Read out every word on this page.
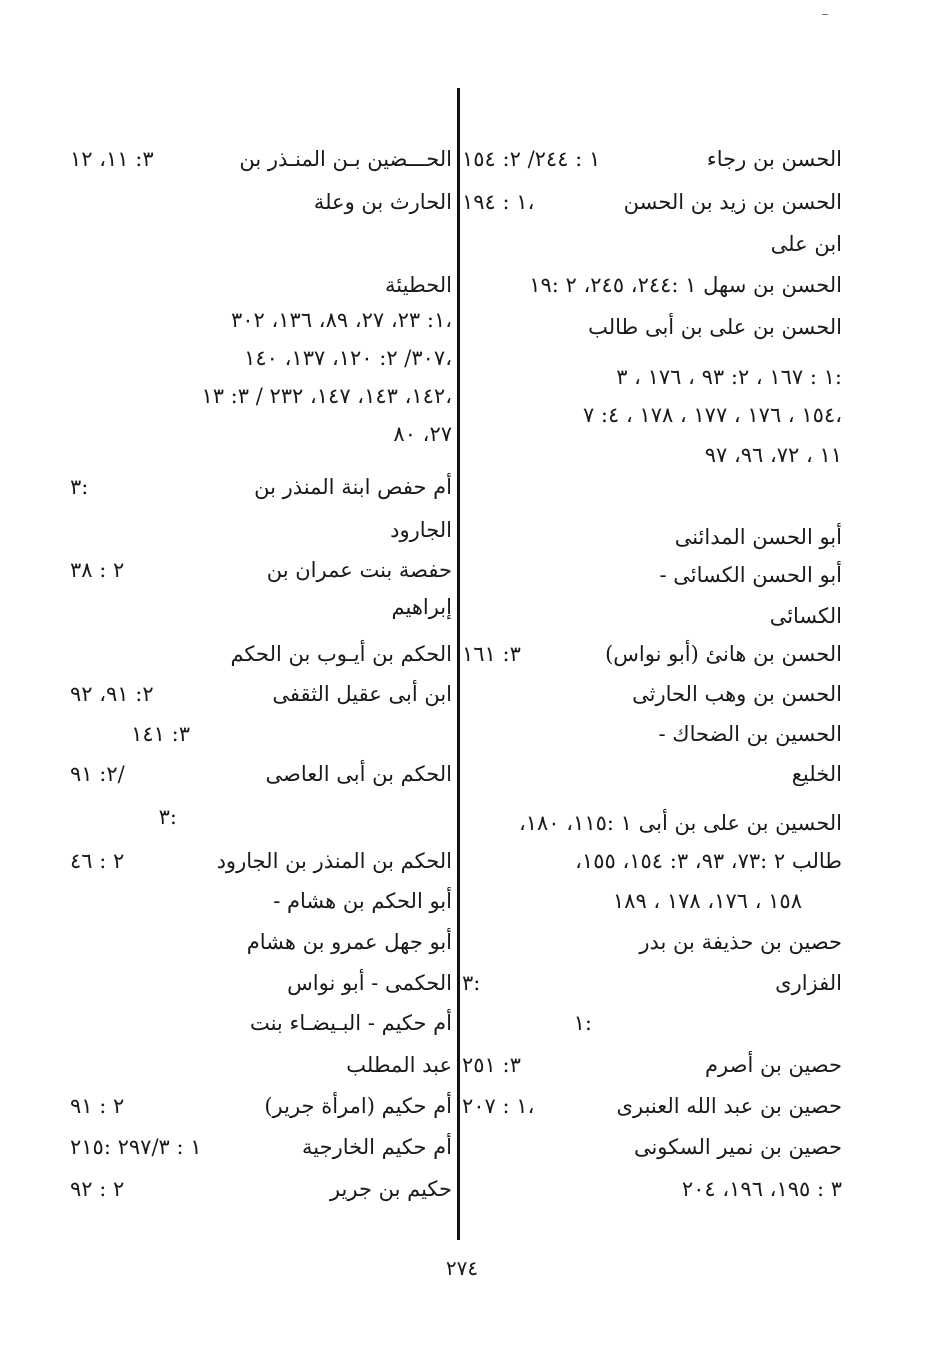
الحسن بن رجاء
١ : ٢٤٤/ ٢: ١٥٤
الحسن بن زيد بن الحسن
١ : ١٩٤،
ابن على
الحسن بن سهل ١ :٢٤٤، ٢٤٥، ٢ :١٩
الحسن بن على بن أبى طالب
١ : ١٦٧ ، ٢: ٩٣ ، ١٧٦ ، ٣:
١٥٤ ، ١٧٦ ، ١٧٧ ، ١٧٨ ، ٤: ٧،
١١ ، ٧٢، ٩٦، ٩٧
أبو الحسن المدائنى
أبو الحسن الكسائى -
الكسائى
الحسن بن هانئ (أبو نواس)
٣: ١٦١
الحسن بن وهب الحارثى
الحسين بن الضحاك -
الخليع
الحسين بن على بن أبى ١ :١١٥، ١٨٠،
طالب ٢ :٧٣، ٩٣، ٣: ١٥٤، ١٥٥،
١٥٨ ، ١٧٦، ١٧٨ ، ١٨٩
حصين بن حذيفة بن بدر
الفزارى
٣:
١:
حصين بن أصرم
٣: ٢٥١
حصين بن عبد الله العنبرى
١ : ٢٠٧،
حصين بن نمير السكونى
٣ : ١٩٥، ١٩٦، ٢٠٤
الحـــضين بـن المنـذر بن
٣: ١١، ١٢
الحارث بن وعلة
الحطيئة
١: ٢٣، ٢٧، ٨٩، ١٣٦، ٣٠٢،
٣٠٧/ ٢: ١٢٠، ١٣٧، ١٤٠،
١٤٢، ١٤٣، ١٤٧، ٢٣٢ / ٣: ١٣،
٢٧، ٨٠
أم حفص ابنة المنذر بن
٣:
الجارود
حفصة بنت عمران بن
٢ : ٣٨
إبراهيم
الحكم بن أيـوب بن الحكم
ابن أبى عقيل الثقفى
٢: ٩١، ٩٢
٣: ١٤١
الحكم بن أبى العاصى
٢: ٩١/
٣:
الحكم بن المنذر بن الجارود
٢ : ٤٦
أبو الحكم بن هشام -
أبو جهل عمرو بن هشام
الحكمى - أبو نواس
أم حكيم - البـيضـاء بنت
عبد المطلب
أم حكيم (امرأة جرير)
٢ : ٩١
أم حكيم الخارجية
١ : ٢٩٧/٣ :٢١٥
حكيم بن جرير
٢ : ٩٢
٢٧٤
